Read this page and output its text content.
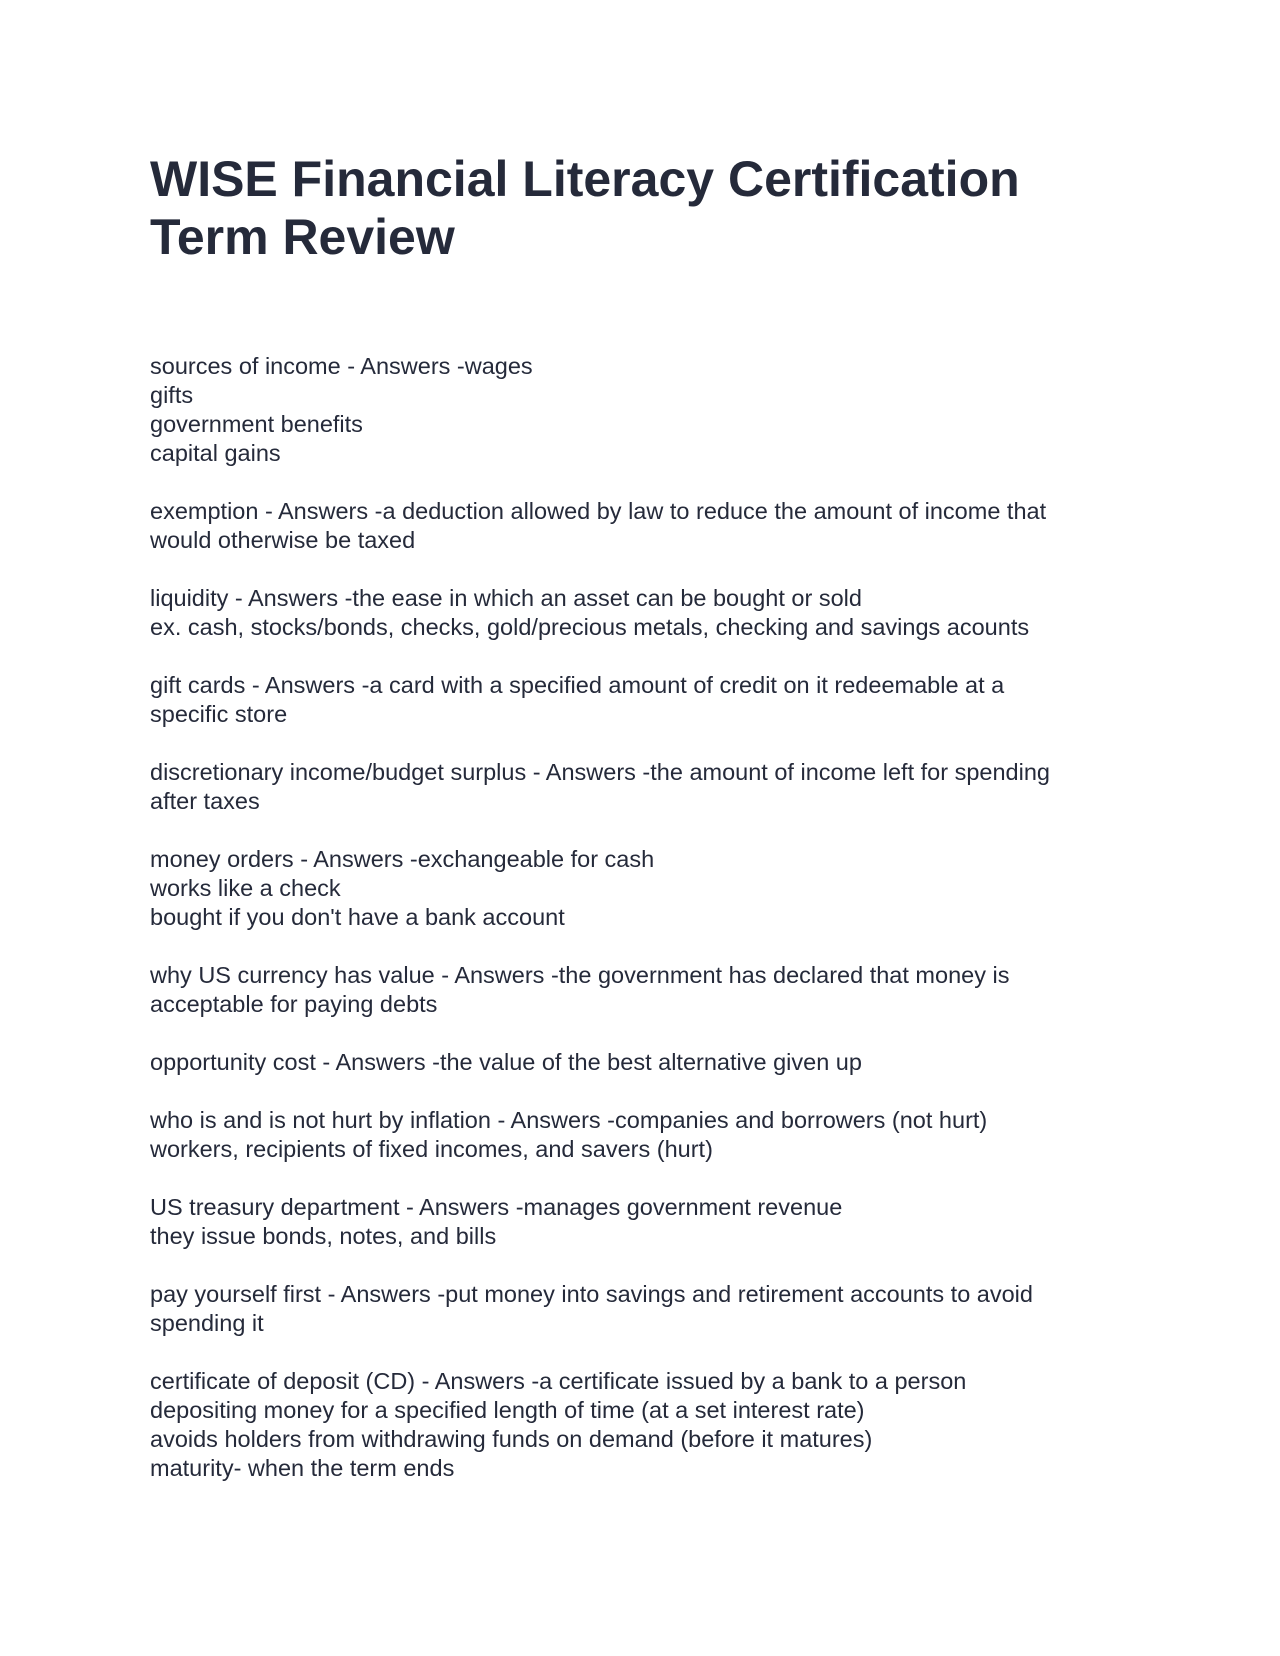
WISE Financial Literacy Certification
Term Review
sources of income - Answers -wages
gifts
government benefits
capital gains
exemption - Answers -a deduction allowed by law to reduce the amount of income that
would otherwise be taxed
liquidity - Answers -the ease in which an asset can be bought or sold
ex. cash, stocks/bonds, checks, gold/precious metals, checking and savings acounts
gift cards - Answers -a card with a specified amount of credit on it redeemable at a
specific store
discretionary income/budget surplus - Answers -the amount of income left for spending
after taxes
money orders - Answers -exchangeable for cash
works like a check
bought if you don't have a bank account
why US currency has value - Answers -the government has declared that money is
acceptable for paying debts
opportunity cost - Answers -the value of the best alternative given up
who is and is not hurt by inflation - Answers -companies and borrowers (not hurt)
workers, recipients of fixed incomes, and savers (hurt)
US treasury department - Answers -manages government revenue
they issue bonds, notes, and bills
pay yourself first - Answers -put money into savings and retirement accounts to avoid
spending it
certificate of deposit (CD) - Answers -a certificate issued by a bank to a person
depositing money for a specified length of time (at a set interest rate)
avoids holders from withdrawing funds on demand (before it matures)
maturity- when the term ends
